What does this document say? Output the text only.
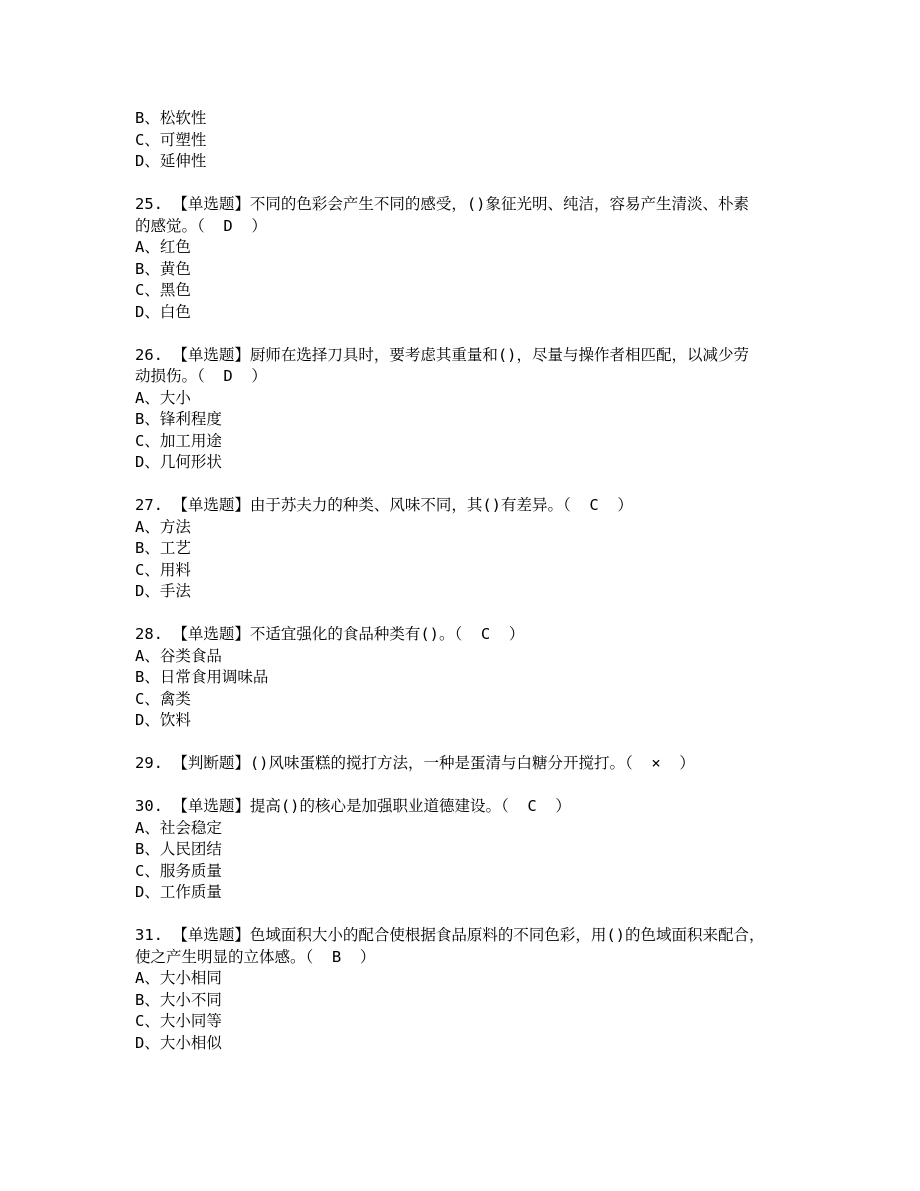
B、松软性
C、可塑性
D、延伸性
25. 【单选题】不同的色彩会产生不同的感受，()象征光明、纯洁，容易产生清淡、朴素
的感觉。（  D  ）
A、红色
B、黄色
C、黑色
D、白色
26. 【单选题】厨师在选择刀具时，要考虑其重量和()，尽量与操作者相匹配，以减少劳
动损伤。（  D  ）
A、大小
B、锋利程度
C、加工用途
D、几何形状
27. 【单选题】由于苏夫力的种类、风味不同，其()有差异。（  C  ）
A、方法
B、工艺
C、用料
D、手法
28. 【单选题】不适宜强化的食品种类有()。（  C  ）
A、谷类食品
B、日常食用调味品
C、禽类
D、饮料
29. 【判断题】()风味蛋糕的搅打方法，一种是蛋清与白糖分开搅打。（  ×  ）
30. 【单选题】提高()的核心是加强职业道德建设。（  C  ）
A、社会稳定
B、人民团结
C、服务质量
D、工作质量
31. 【单选题】色域面积大小的配合使根据食品原料的不同色彩，用()的色域面积来配合，
使之产生明显的立体感。（  B  ）
A、大小相同
B、大小不同
C、大小同等
D、大小相似
